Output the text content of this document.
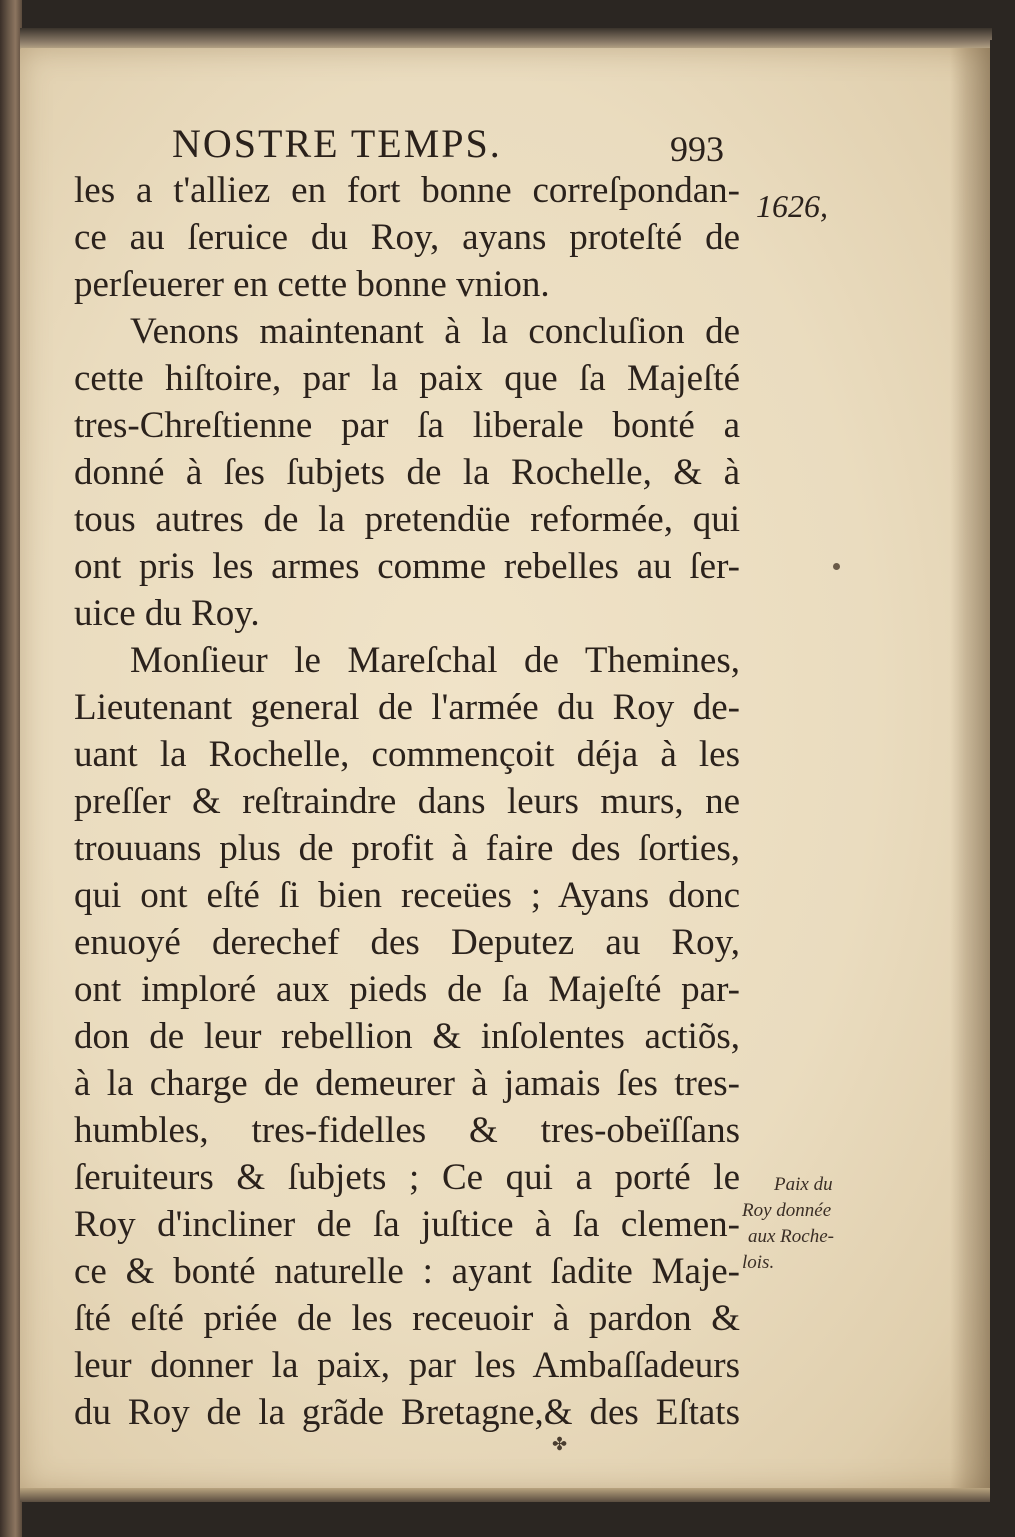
NOSTRE TEMPS.	993
1626,
les a t'alliez en fort bonne correſpondan-
ce au ſeruice du Roy, ayans proteſté de
perſeuerer en cette bonne vnion.
Venons maintenant à la concluſion de
cette hiſtoire, par la paix que ſa Majeſté
tres-Chreſtienne par ſa liberale bonté a
donné à ſes ſubjets de la Rochelle, & à
tous autres de la pretendüe reformée, qui
ont pris les armes comme rebelles au ſer-
uice du Roy.
Monſieur le Mareſchal de Themines,
Lieutenant general de l'armée du Roy de-
uant la Rochelle, commençoit déja à les
preſſer & reſtraindre dans leurs murs, ne
trouuans plus de profit à faire des ſorties,
qui ont eſté ſi bien receües ; Ayans donc
enuoyé derechef des Deputez au Roy,
ont imploré aux pieds de ſa Majeſté par-
don de leur rebellion & inſolentes actiõs,
à la charge de demeurer à jamais ſes tres-
humbles, tres-fidelles & tres-obeïſſans
ſeruiteurs & ſubjets ; Ce qui a porté le
Roy d'incliner de ſa juſtice à ſa clemen-
ce & bonté naturelle : ayant ſadite Maje-
ſté eſté priée de les receuoir à pardon &
leur donner la paix, par les Ambaſſadeurs
du Roy de la grãde Bretagne,& des Eſtats
Paix du
Roy donnée
aux Roche-
lois.
✤
